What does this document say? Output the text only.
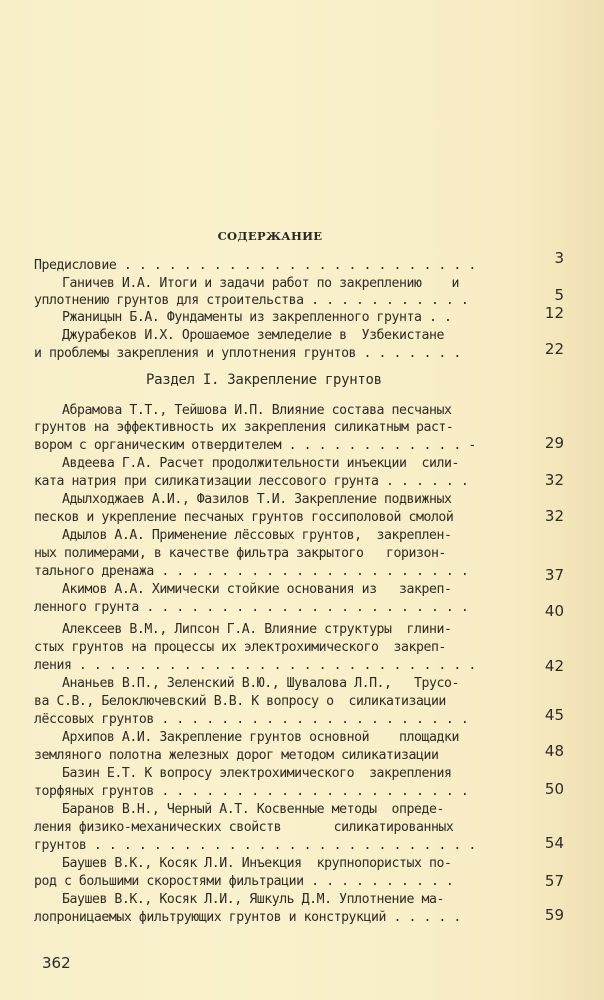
СОДЕРЖАНИЕ
Раздел I. Закрепление грунтов
Предисловие . . . . . . . . . . . . . . . . . . . . . . . .
Ганичев И.А. Итоги и задачи работ по закреплению    и
уплотнению грунтов для строительства . . . . . . . . . . .
Ржаницын Б.А. Фундаменты из закрепленного грунта . .
Джурабеков И.Х. Орошаемое земледелие в  Узбекистане
и проблемы закрепления и уплотнения грунтов . . . . . . .
Абрамова Т.Т., Тейшова И.П. Влияние состава песчаных
грунтов на эффективность их закрепления силикатным раст-
вором с органическим отвердителем . . . . . . . . . . . . -
Авдеева Г.А. Расчет продолжительности инъекции  сили-
ката натрия при силикатизации лессового грунта . . . . . .
Адылходжаев А.И., Фазилов Т.И. Закрепление подвижных
песков и укрепление песчаных грунтов госсиполовой смолой
Адылов А.А. Применение лёссовых грунтов,  закреплен-
ных полимерами, в качестве фильтра закрытого   горизон-
тального дренажа . . . . . . . . . . . . . . . . . . . . .
Акимов А.А. Химически стойкие основания из   закреп-
ленного грунта . . . . . . . . . . . . . . . . . . . . . .
Алексеев В.М., Липсон Г.А. Влияние структуры  глини-
стых грунтов на процессы их электрохимического  закреп-
ления . . . . . . . . . . . . . . . . . . . . . . . . . . .
Ананьев В.П., Зеленский В.Ю., Шувалова Л.П.,   Трусо-
ва С.В., Белоключевский В.В. К вопросу о  силикатизации
лёссовых грунтов . . . . . . . . . . . . . . . . . . . . .
Архипов А.И. Закрепление грунтов основной    площадки
земляного полотна железных дорог методом силикатизации
Базин Е.Т. К вопросу электрохимического  закрепления
торфяных грунтов . . . . . . . . . . . . . . . . . . . . .
Баранов В.Н., Черный А.Т. Косвенные методы  опреде-
ления физико-механических свойств       силикатированных
грунтов . . . . . . . . . . . . . . . . . . . . . . . . . .
Баушев В.К., Косяк Л.И. Инъекция  крупнопористых по-
род с большими скоростями фильтрации . . . . . . . . . .
Баушев В.К., Косяк Л.И., Яшкуль Д.М. Уплотнение ма-
лопроницаемых фильтрующих грунтов и конструкций . . . . .
3
5
12
22
29
32
32
37
40
42
45
48
50
54
57
59
362
